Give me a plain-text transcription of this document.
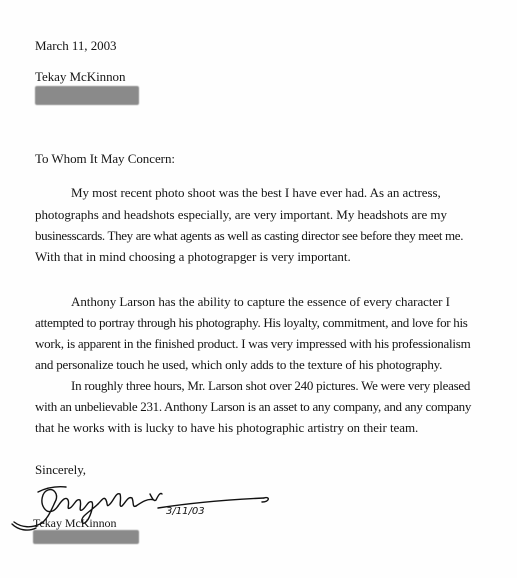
March 11, 2003
Tekay McKinnon
To Whom It May Concern:
My most recent photo shoot was the best I have ever had. As an actress,
photographs and headshots especially, are very important. My headshots are my
businesscards. They are what agents as well as casting director see before they meet me.
With that in mind choosing a photograpger is very important.
Anthony Larson has the ability to capture the essence of every character I
attempted to portray through his photography. His loyalty, commitment, and love for his
work, is apparent in the finished product. I was very impressed with his professionalism
and personalize touch he used, which only adds to the texture of his photography.
In roughly three hours, Mr. Larson shot over 240 pictures. We were very pleased
with an unbelievable 231. Anthony Larson is an asset to any company, and any company
that he works with is lucky to have his photographic artistry on their team.
Sincerely,
3/11/03
Tekay McKinnon
